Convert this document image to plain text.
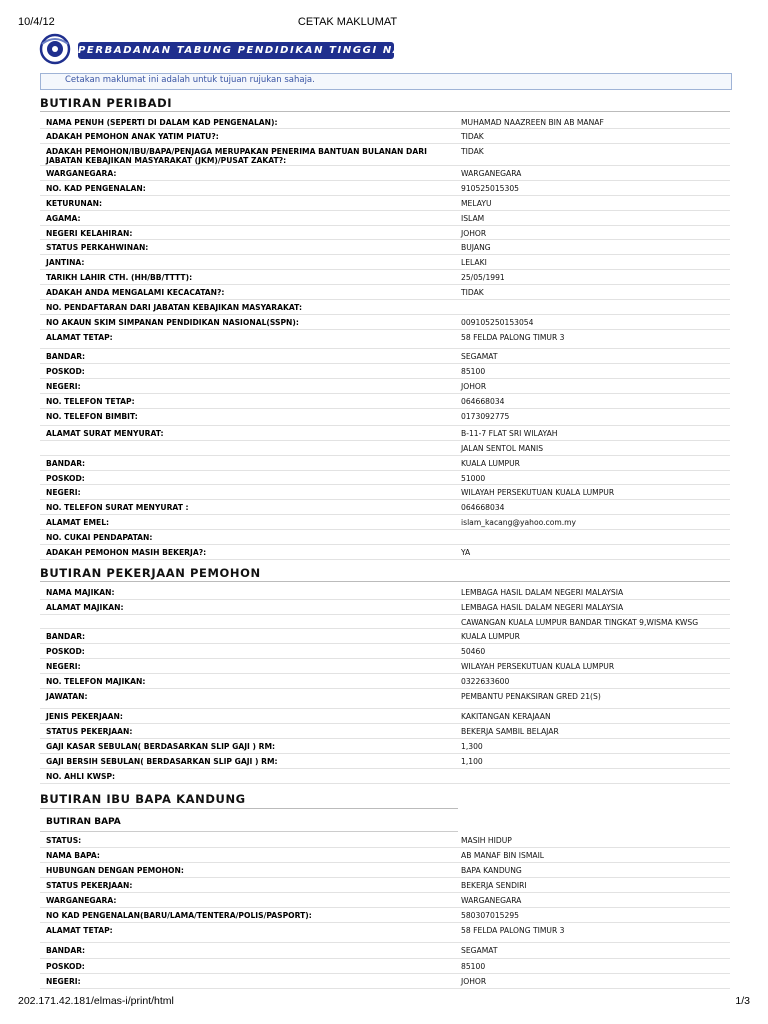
10/4/12	CETAK MAKLUMAT
PERBADANAN TABUNG PENDIDIKAN TINGGI NASIONAL
Cetakan maklumat ini adalah untuk tujuan rujukan sahaja.
BUTIRAN PERIBADI
NAMA PENUH (SEPERTI DI DALAM KAD PENGENALAN):	MUHAMAD NAAZREEN BIN AB MANAF
ADAKAH PEMOHON ANAK YATIM PIATU?:	TIDAK
ADAKAH PEMOHON/IBU/BAPA/PENJAGA MERUPAKAN PENERIMA BANTUAN BULANAN DARI JABATAN KEBAJIKAN MASYARAKAT (JKM)/PUSAT ZAKAT?:
TIDAK
WARGANEGARA:	WARGANEGARA
NO. KAD PENGENALAN:	910525015305
KETURUNAN:	MELAYU
AGAMA:	ISLAM
NEGERI KELAHIRAN:	JOHOR
STATUS PERKAHWINAN:	BUJANG
JANTINA:	LELAKI
TARIKH LAHIR CTH. (HH/BB/TTTT):	25/05/1991
ADAKAH ANDA MENGALAMI KECACATAN?:	TIDAK
NO. PENDAFTARAN DARI JABATAN KEBAJIKAN MASYARAKAT:
NO AKAUN SKIM SIMPANAN PENDIDIKAN NASIONAL(SSPN):	009105250153054
ALAMAT TETAP:	58 FELDA PALONG TIMUR 3
BANDAR:	SEGAMAT
POSKOD:	85100
NEGERI:	JOHOR
NO. TELEFON TETAP:	064668034
NO. TELEFON BIMBIT:	0173092775
ALAMAT SURAT MENYURAT:	B-11-7 FLAT SRI WILAYAH
JALAN SENTOL MANIS
BANDAR:	KUALA LUMPUR
POSKOD:	51000
NEGERI:	WILAYAH PERSEKUTUAN KUALA LUMPUR
NO. TELEFON SURAT MENYURAT :	064668034
ALAMAT EMEL:	islam_kacang@yahoo.com.my
NO. CUKAI PENDAPATAN:
ADAKAH PEMOHON MASIH BEKERJA?:	YA
BUTIRAN PEKERJAAN PEMOHON
NAMA MAJIKAN:	LEMBAGA HASIL DALAM NEGERI MALAYSIA
ALAMAT MAJIKAN:	LEMBAGA HASIL DALAM NEGERI MALAYSIA
CAWANGAN KUALA LUMPUR BANDAR TINGKAT 9,WISMA KWSG
BANDAR:	KUALA LUMPUR
POSKOD:	50460
NEGERI:	WILAYAH PERSEKUTUAN KUALA LUMPUR
NO. TELEFON MAJIKAN:	0322633600
JAWATAN:	PEMBANTU PENAKSIRAN GRED 21(S)
JENIS PEKERJAAN:	KAKITANGAN KERAJAAN
STATUS PEKERJAAN:	BEKERJA SAMBIL BELAJAR
GAJI KASAR SEBULAN( BERDASARKAN SLIP GAJI ) RM:	1,300
GAJI BERSIH SEBULAN( BERDASARKAN SLIP GAJI ) RM:	1,100
NO. AHLI KWSP:
BUTIRAN IBU BAPA KANDUNG
BUTIRAN BAPA
STATUS:	MASIH HIDUP
NAMA BAPA:	AB MANAF BIN ISMAIL
HUBUNGAN DENGAN PEMOHON:	BAPA KANDUNG
STATUS PEKERJAAN:	BEKERJA SENDIRI
WARGANEGARA:	WARGANEGARA
NO KAD PENGENALAN(BARU/LAMA/TENTERA/POLIS/PASPORT):	580307015295
ALAMAT TETAP:	58 FELDA PALONG TIMUR 3
BANDAR:	SEGAMAT
POSKOD:	85100
NEGERI:	JOHOR
202.171.42.181/elmas-i/print/html	1/3
